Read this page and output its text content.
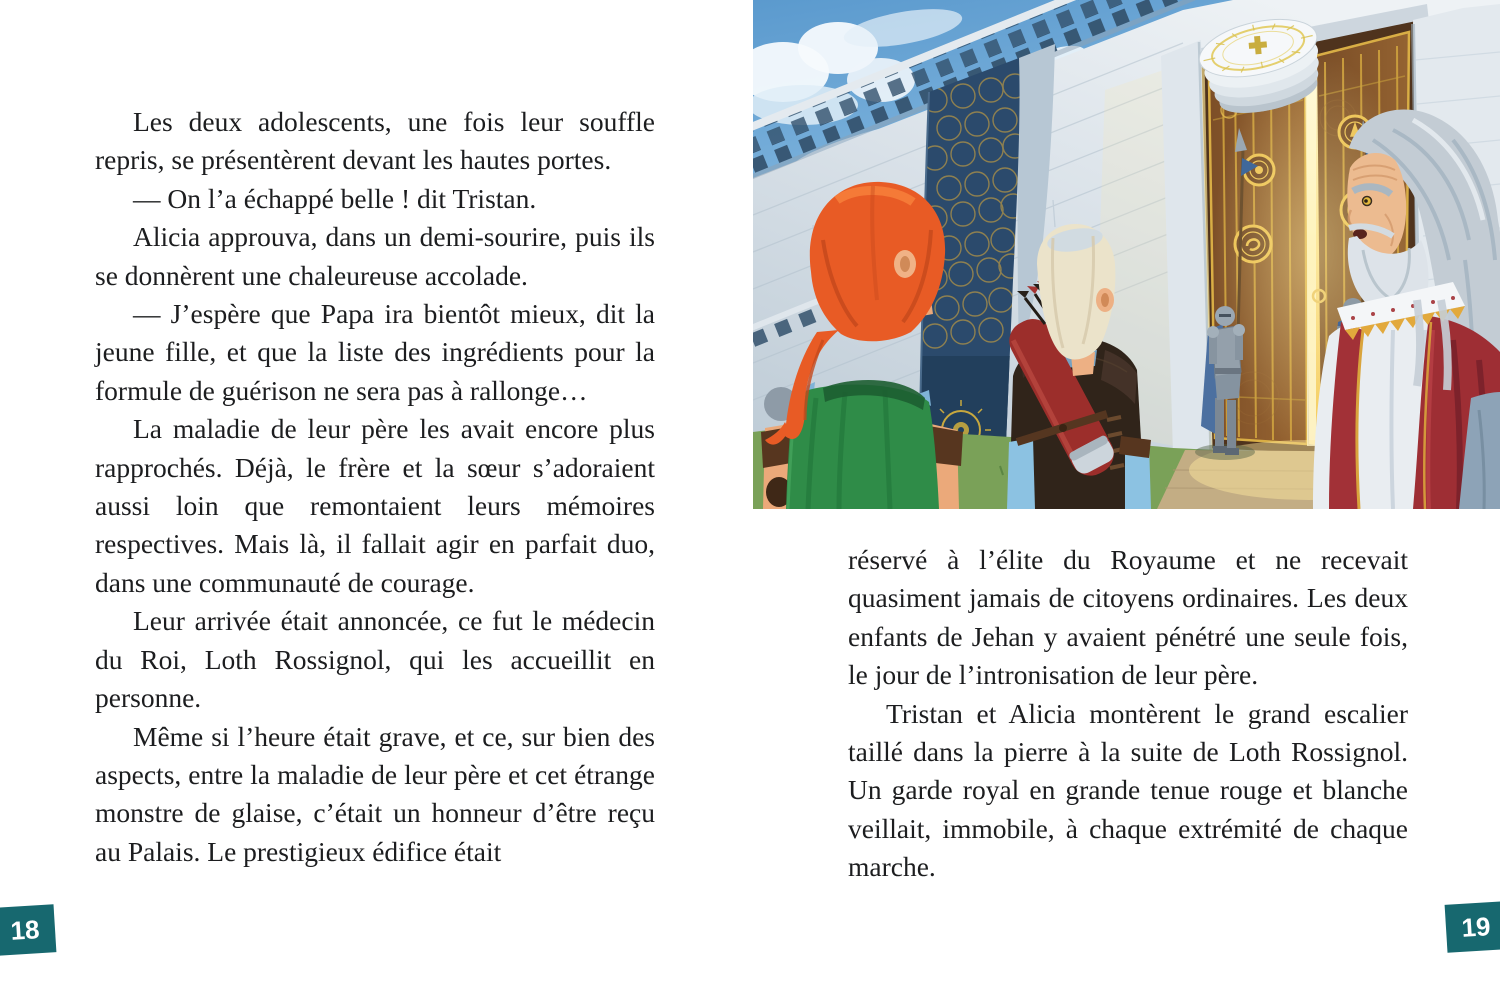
Les deux adolescents, une fois leur souffle repris, se présentèrent devant les hautes portes.

— On l’a échappé belle ! dit Tristan.

Alicia approuva, dans un demi-sourire, puis ils se donnèrent une chaleureuse accolade.

— J’espère que Papa ira bientôt mieux, dit la jeune fille, et que la liste des ingrédients pour la formule de guérison ne sera pas à rallonge…

La maladie de leur père les avait encore plus rapprochés. Déjà, le frère et la sœur s’adoraient aussi loin que remontaient leurs mémoires respectives. Mais là, il fallait agir en parfait duo, dans une communauté de courage.

Leur arrivée était annoncée, ce fut le médecin du Roi, Loth Rossignol, qui les accueillit en personne.

Même si l’heure était grave, et ce, sur bien des aspects, entre la maladie de leur père et cet étrange monstre de glaise, c’était un honneur d’être reçu au Palais. Le prestigieux édifice était

réservé à l’élite du Royaume et ne recevait quasiment jamais de citoyens ordinaires. Les deux enfants de Jehan y avaient pénétré une seule fois, le jour de l’intronisation de leur père.

Tristan et Alicia montèrent le grand escalier taillé dans la pierre à la suite de Loth Rossignol. Un garde royal en grande tenue rouge et blanche veillait, immobile, à chaque extrémité de chaque marche.

18	19
